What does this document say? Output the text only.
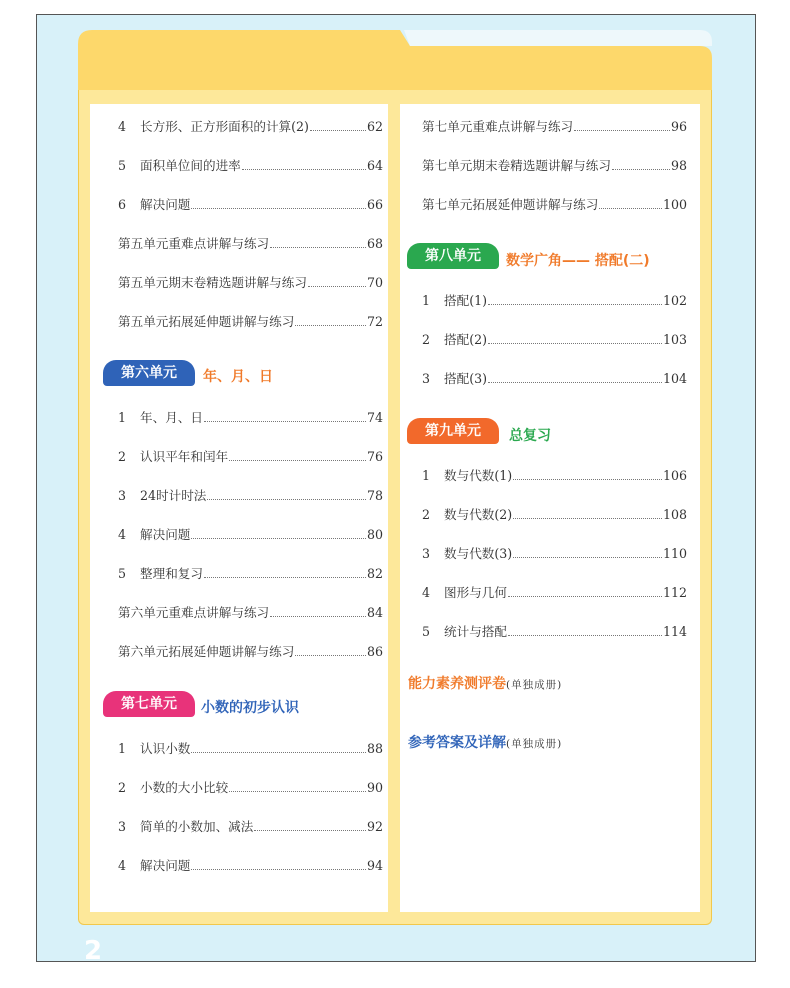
4	长方形、正方形面积的计算(2)	62
5	面积单位间的进率	64
6	解决问题	66
第五单元重难点讲解与练习	68
第五单元期末卷精选题讲解与练习	70
第五单元拓展延伸题讲解与练习	72
第六单元	年、月、日
1	年、月、日	74
2	认识平年和闰年	76
3	24时计时法	78
4	解决问题	80
5	整理和复习	82
第六单元重难点讲解与练习	84
第六单元拓展延伸题讲解与练习	86
第七单元	小数的初步认识
1	认识小数	88
2	小数的大小比较	90
3	简单的小数加、减法	92
4	解决问题	94
第七单元重难点讲解与练习	96
第七单元期末卷精选题讲解与练习	98
第七单元拓展延伸题讲解与练习	100
第八单元	数学广角—— 搭配(二)
1	搭配(1)	102
2	搭配(2)	103
3	搭配(3)	104
第九单元	总复习
1	数与代数(1)	106
2	数与代数(2)	108
3	数与代数(3)	110
4	图形与几何	112
5	统计与搭配	114
能力素养测评卷(单独成册)
参考答案及详解(单独成册)
2
